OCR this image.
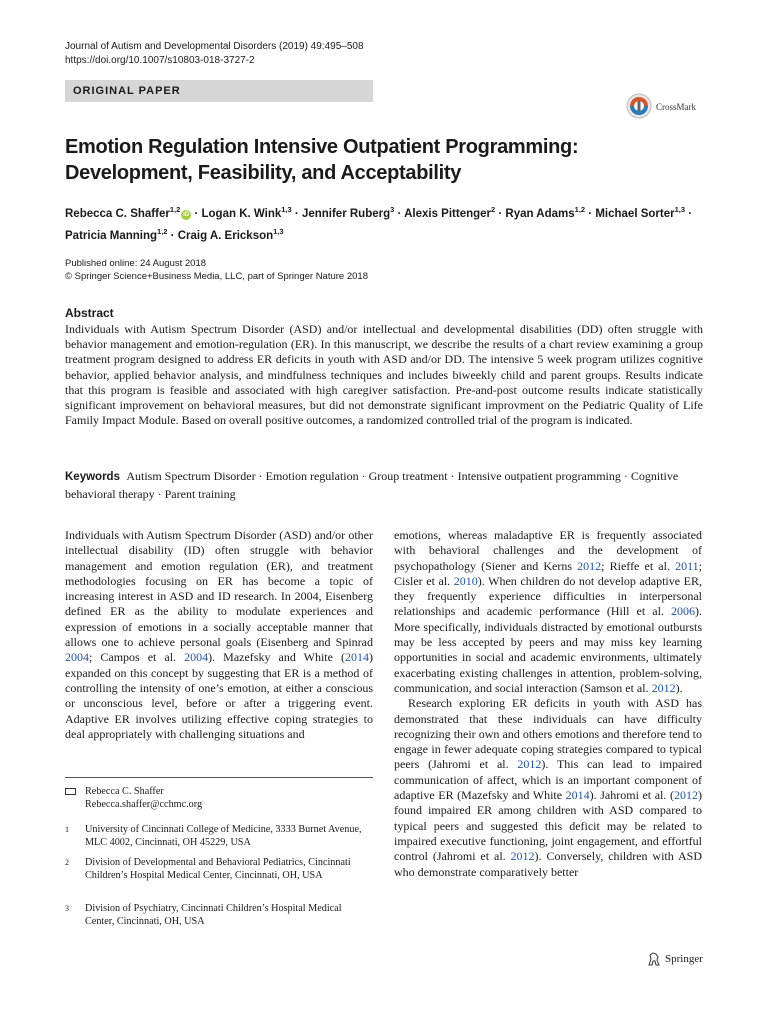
Journal of Autism and Developmental Disorders (2019) 49:495–508
https://doi.org/10.1007/s10803-018-3727-2
ORIGINAL PAPER
CrossMark
Emotion Regulation Intensive Outpatient Programming:
Development, Feasibility, and Acceptability
Rebecca C. Shaffer$^{1,2}$iD · Logan K. Wink$^{1,3}$ · Jennifer Ruberg$^3$ · Alexis Pittenger$^2$ · Ryan Adams$^{1,2}$ · Michael Sorter$^{1,3}$ ·
Patricia Manning$^{1,2}$ · Craig A. Erickson$^{1,3}$
Published online: 24 August 2018
© Springer Science+Business Media, LLC, part of Springer Nature 2018
Abstract
Individuals with Autism Spectrum Disorder (ASD) and/or intellectual and developmental disabilities (DD) often struggle with behavior management and emotion-regulation (ER). In this manuscript, we describe the results of a chart review examining a group treatment program designed to address ER deficits in youth with ASD and/or DD. The intensive 5 week program utilizes cognitive behavior, applied behavior analysis, and mindfulness techniques and includes biweekly child and parent groups. Results indicate that this program is feasible and associated with high caregiver satisfaction. Pre-and-post outcome results indicate statistically significant improvement on behavioral measures, but did not demonstrate significant improvment on the Pediatric Quality of Life Family Impact Module. Based on overall positive outcomes, a randomized controlled trial of the program is indicated.
Keywords Autism Spectrum Disorder · Emotion regulation · Group treatment · Intensive outpatient programming · Cognitive behavioral therapy · Parent training

Individuals with Autism Spectrum Disorder (ASD) and/or other intellectual disability (ID) often struggle with behavior management and emotion regulation (ER), and treatment methodologies focusing on ER has become a topic of increasing interest in ASD and ID research. In 2004, Eisenberg defined ER as the ability to modulate experiences and expression of emotions in a socially acceptable manner that allows one to achieve personal goals (Eisenberg and Spinrad 2004; Campos et al. 2004). Mazefsky and White (2014) expanded on this concept by suggesting that ER is a method of controlling the intensity of one’s emotion, at either a conscious or unconscious level, before or after a triggering event. Adaptive ER involves utilizing effective coping strategies to deal appropriately with challenging situations and

emotions, whereas maladaptive ER is frequently associated with behavioral challenges and the development of psychopathology (Siener and Kerns 2012; Rieffe et al. 2011; Cisler et al. 2010). When children do not develop adaptive ER, they frequently experience difficulties in interpersonal relationships and academic performance (Hill et al. 2006). More specifically, individuals distracted by emotional outbursts may be less accepted by peers and may miss key learning opportunities in social and academic environments, ultimately exacerbating existing challenges in attention, problem-solving, communication, and social interaction (Samson et al. 2012).

Research exploring ER deficits in youth with ASD has demonstrated that these individuals can have difficulty recognizing their own and others emotions and therefore tend to engage in fewer adequate coping strategies compared to typical peers (Jahromi et al. 2012). This can lead to impaired communication of affect, which is an important component of adaptive ER (Mazefsky and White 2014). Jahromi et al. (2012) found impaired ER among children with ASD compared to typical peers and suggested this deficit may be related to impaired executive functioning, joint engagement, and effortful control (Jahromi et al. 2012). Conversely, children with ASD who demonstrate comparatively better

Rebecca C. Shaffer
Rebecca.shaffer@cchmc.org
1 University of Cincinnati College of Medicine, 3333 Burnet Avenue, MLC 4002, Cincinnati, OH 45229, USA
2 Division of Developmental and Behavioral Pediatrics, Cincinnati Children’s Hospital Medical Center, Cincinnati, OH, USA
3 Division of Psychiatry, Cincinnati Children’s Hospital Medical Center, Cincinnati, OH, USA
Springer
